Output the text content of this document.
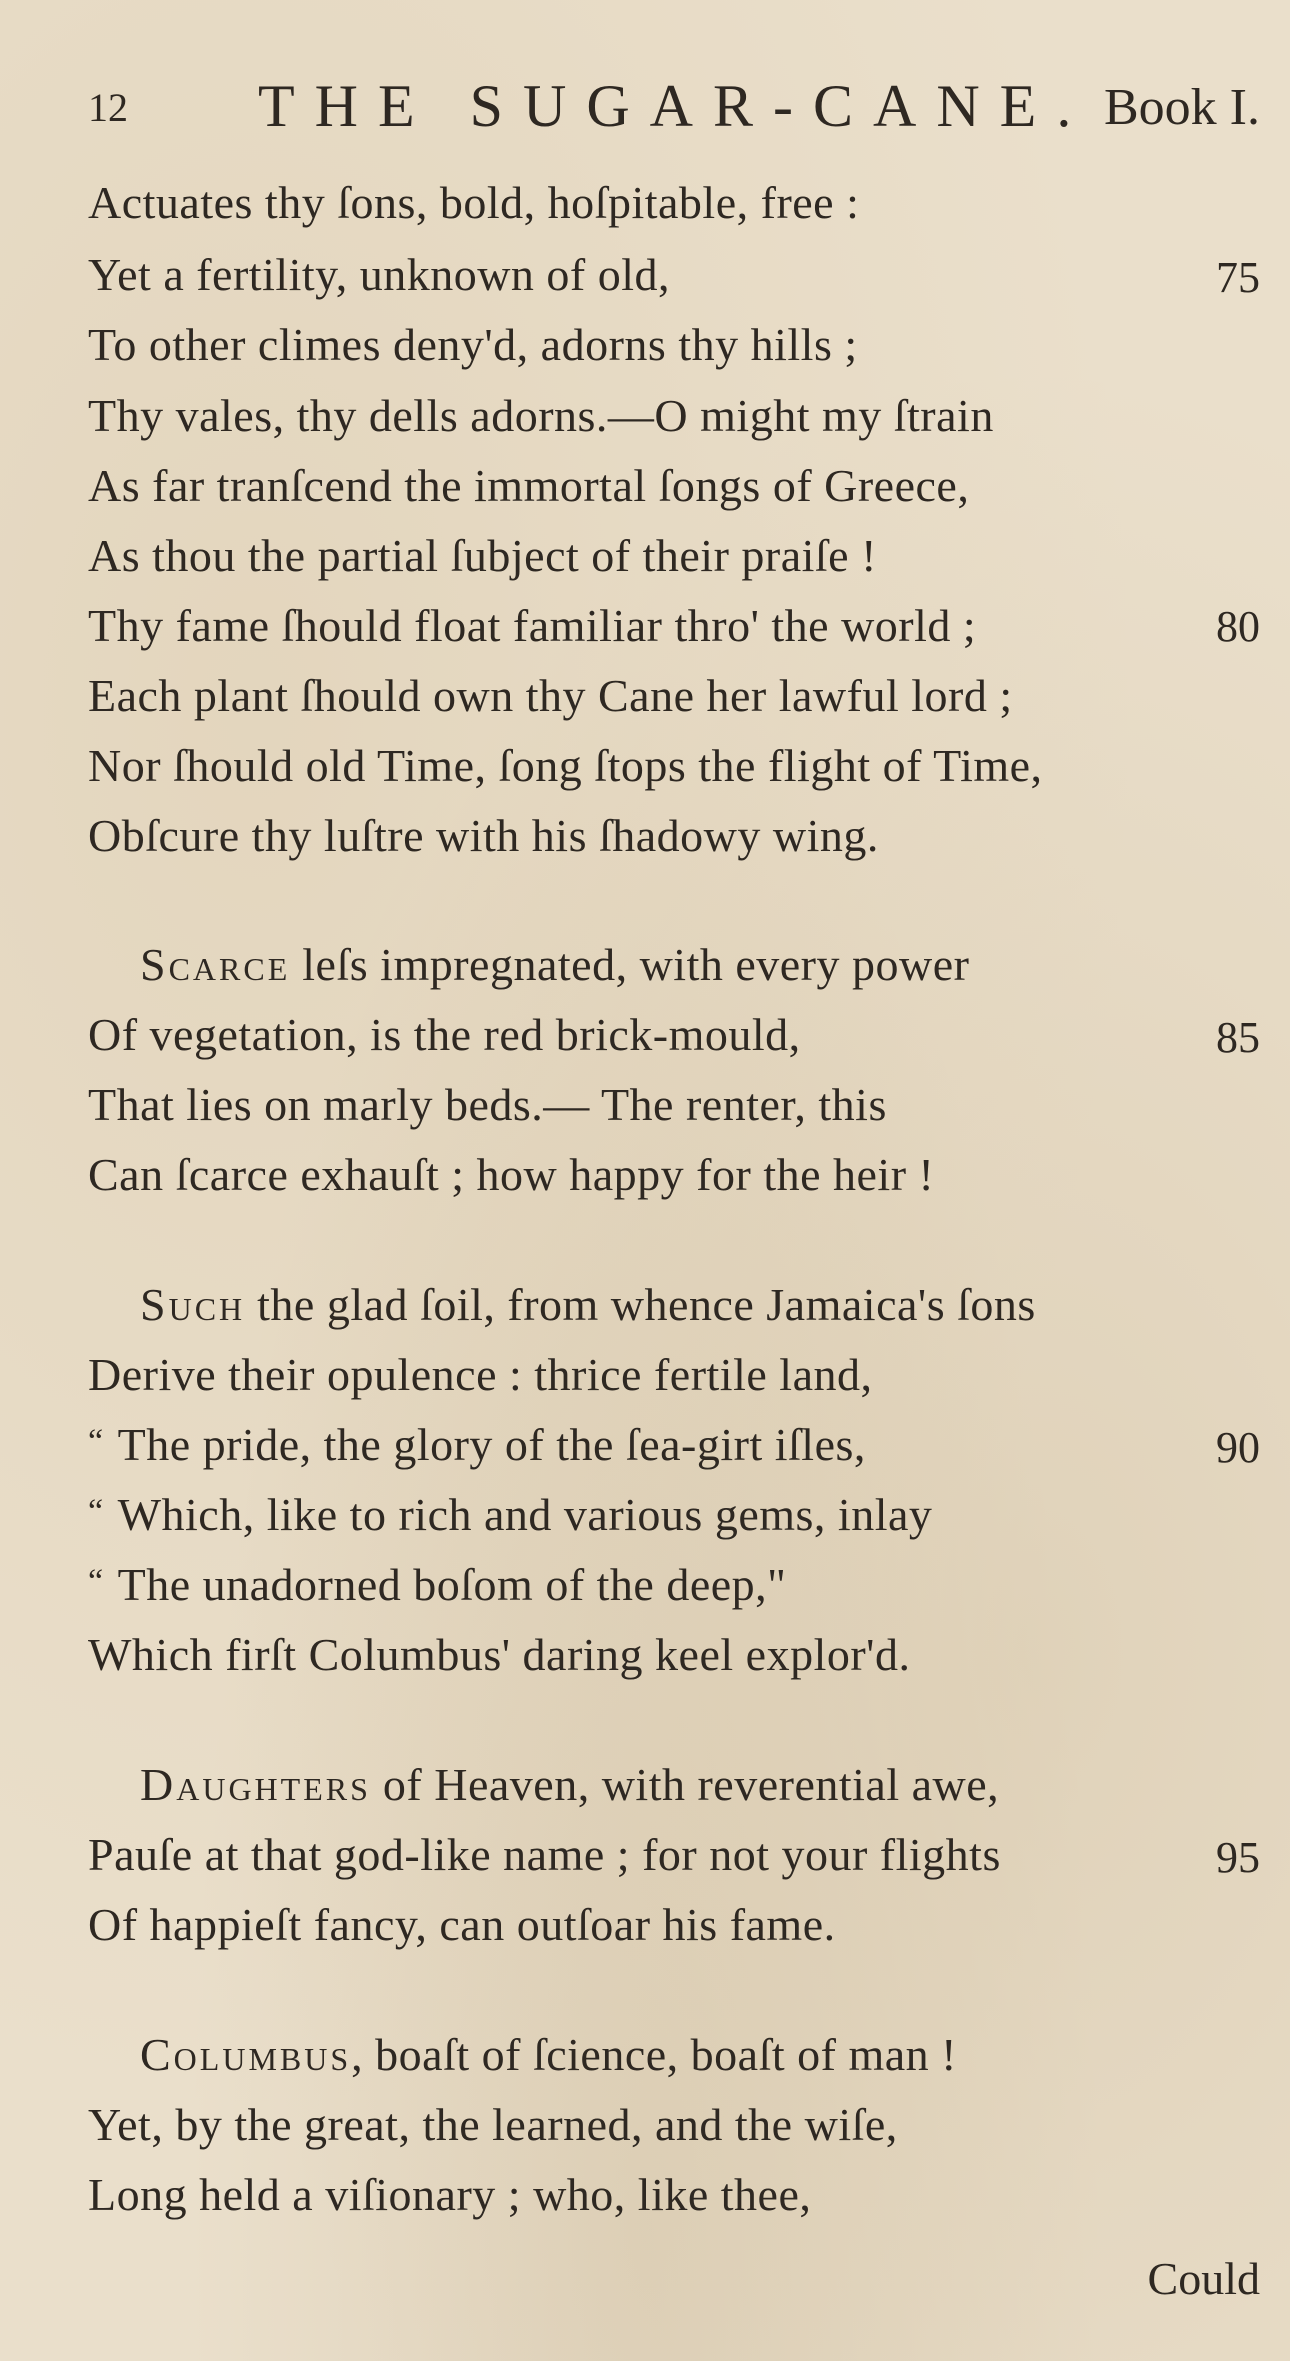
12 THE SUGAR-CANE. Book I.
Actuates thy ſons, bold, hoſpitable, free :
Yet a fertility, unknown of old,	75
To other climes deny'd, adorns thy hills ;
Thy vales, thy dells adorns.—O might my ſtrain
As far tranſcend the immortal ſongs of Greece,
As thou the partial ſubject of their praiſe !
Thy fame ſhould float familiar thro' the world ;	80
Each plant ſhould own thy Cane her lawful lord ;
Nor ſhould old Time, ſong ſtops the flight of Time,
Obſcure thy luſtre with his ſhadowy wing.
Scarce leſs impregnated, with every power
Of vegetation, is the red brick-mould,	85
That lies on marly beds.— The renter, this
Can ſcarce exhauſt ; how happy for the heir !
Such the glad ſoil, from whence Jamaica's ſons
Derive their opulence : thrice fertile land,
“ The pride, the glory of the ſea-girt iſles,	90
“ Which, like to rich and various gems, inlay
“ The unadorned boſom of the deep,"
Which firſt Columbus' daring keel explor'd.
Daughters of Heaven, with reverential awe,
Pauſe at that god-like name ; for not your flights	95
Of happieſt fancy, can outſoar his fame.
Columbus, boaſt of ſcience, boaſt of man !
Yet, by the great, the learned, and the wiſe,
Long held a viſionary ; who, like thee,
Could
